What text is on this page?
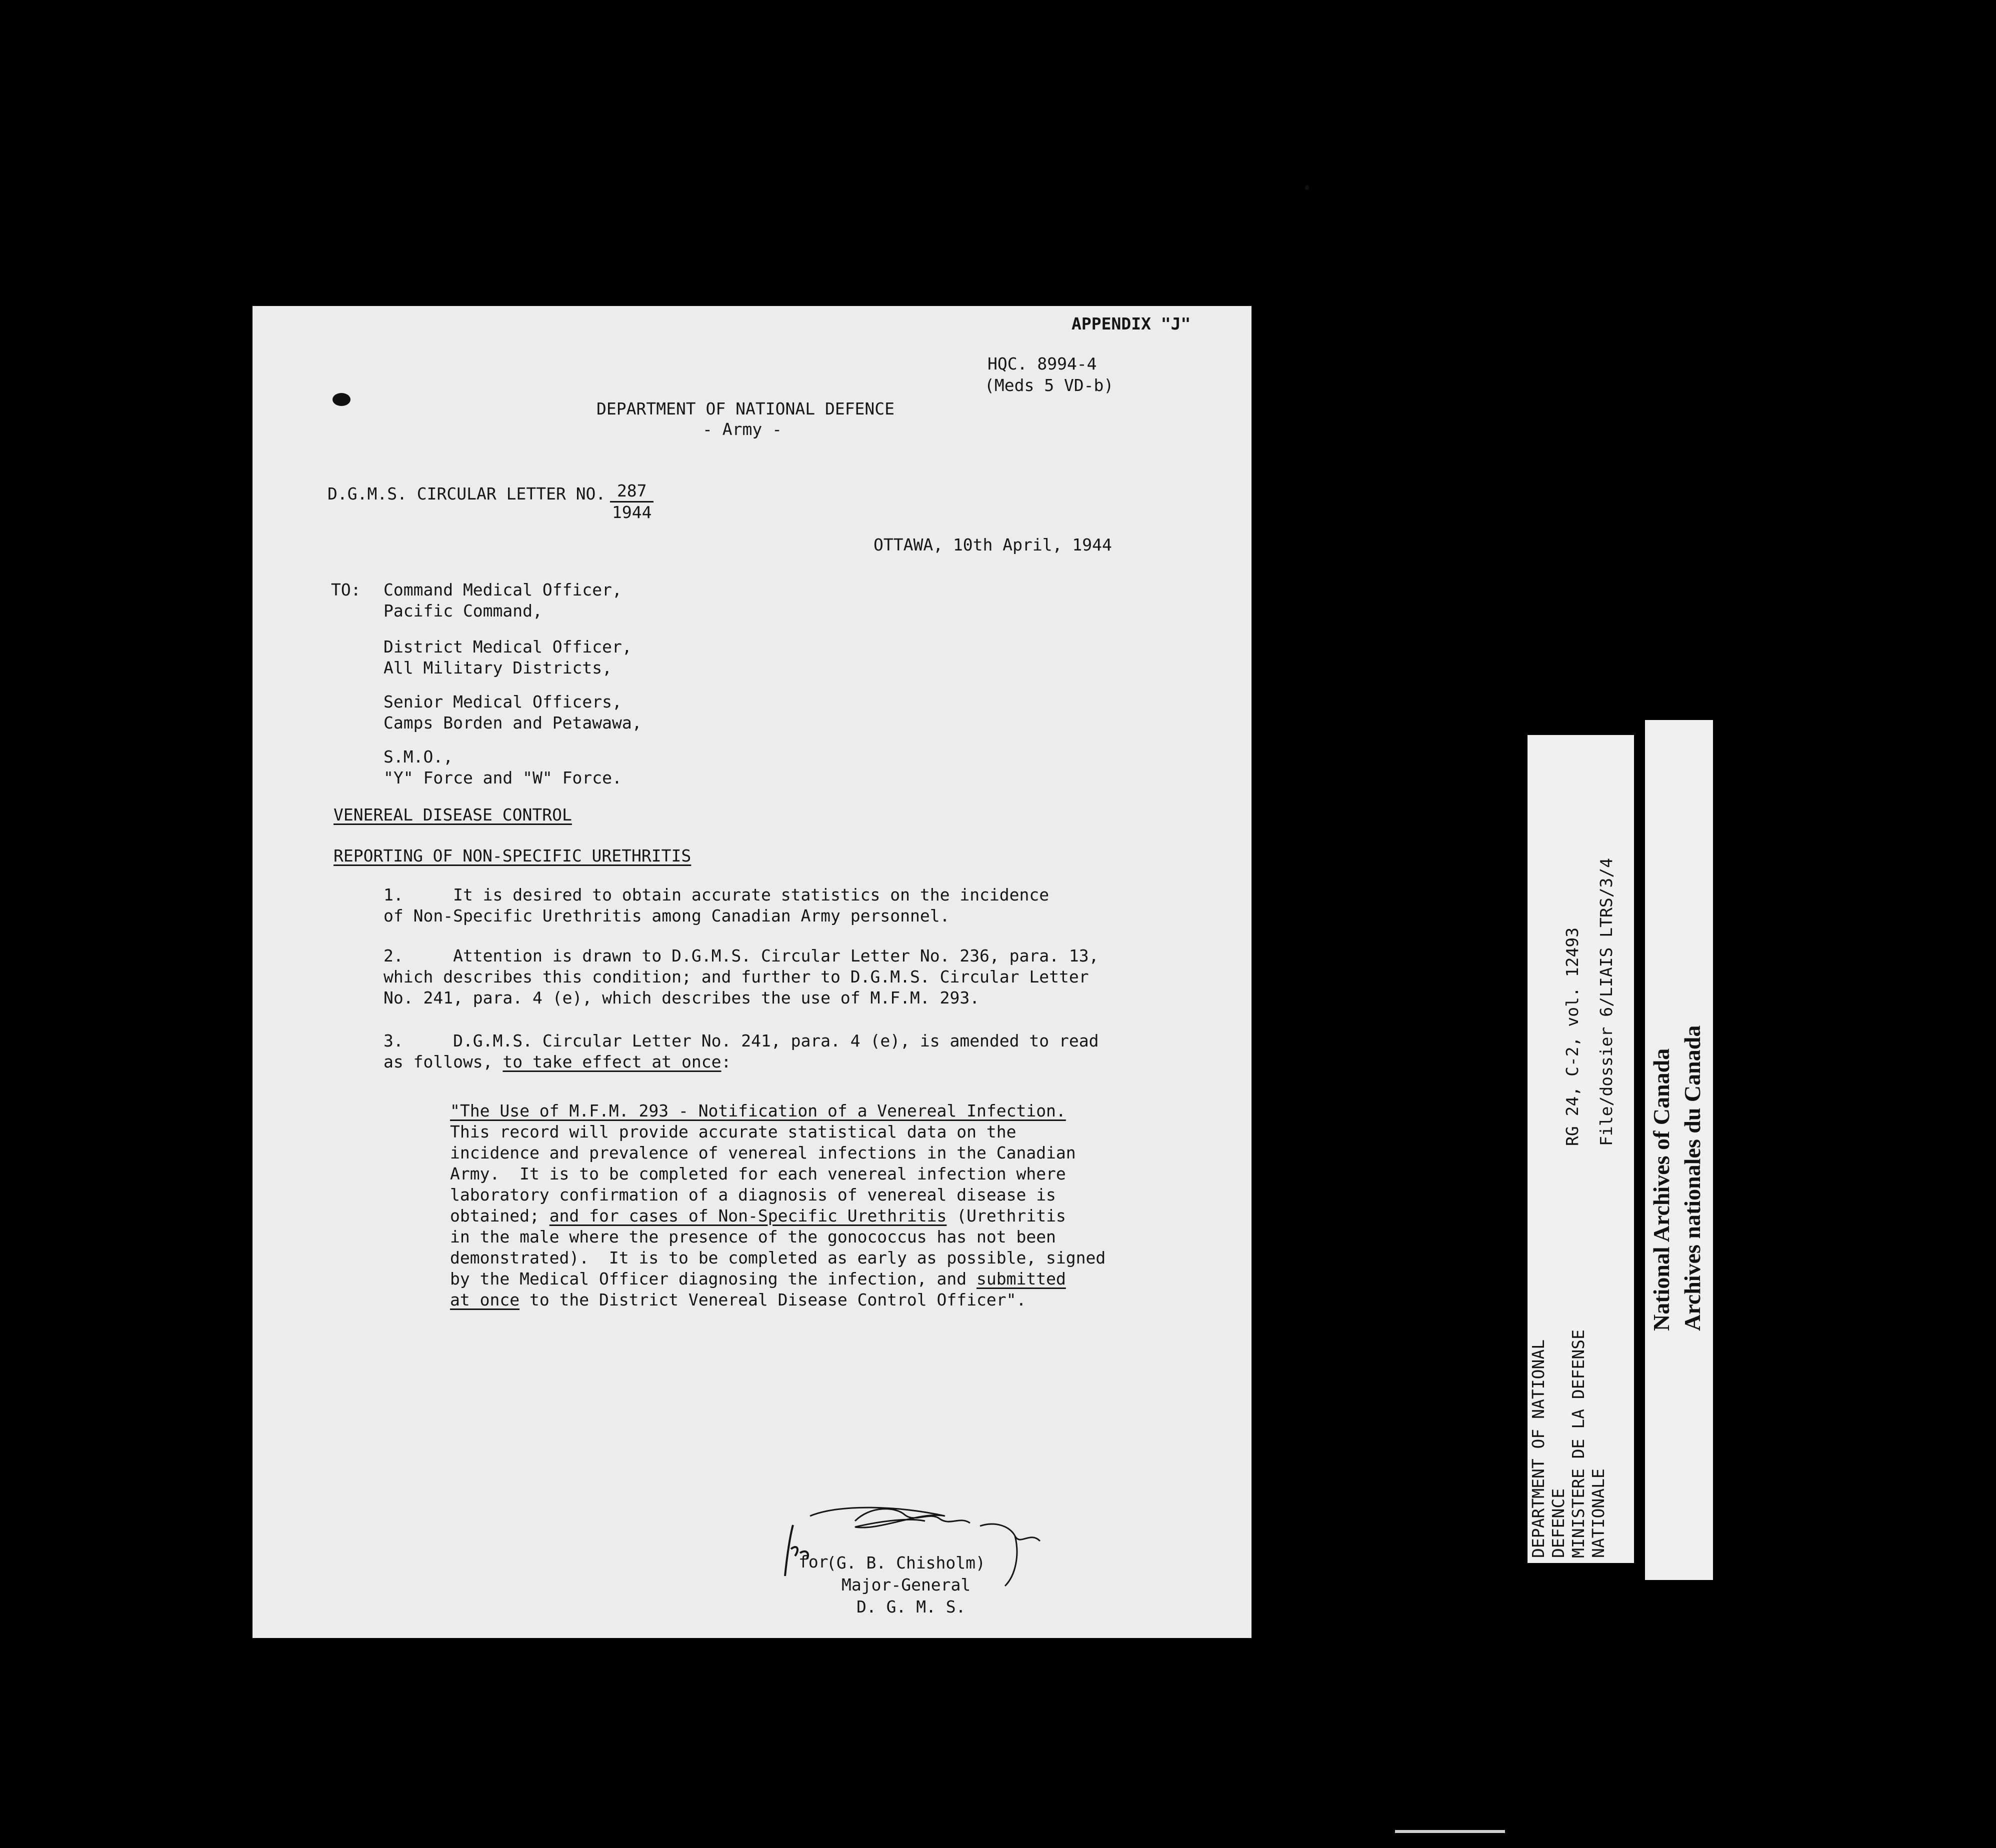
APPENDIX "J"
HQC. 8994-4
(Meds 5 VD-b)
DEPARTMENT OF NATIONAL DEFENCE
- Army -
D.G.M.S. CIRCULAR LETTER NO. $\frac{287}{1944}$
OTTAWA, 10th April, 1944
TO: Command Medical Officer,
Pacific Command,
District Medical Officer,
All Military Districts,
Senior Medical Officers,
Camps Borden and Petawawa,
S.M.O.,
"Y" Force and "W" Force.
VENEREAL DISEASE CONTROL
REPORTING OF NON-SPECIFIC URETHRITIS
1.     It is desired to obtain accurate statistics on the incidence
of Non-Specific Urethritis among Canadian Army personnel.
2.     Attention is drawn to D.G.M.S. Circular Letter No. 236, para. 13,
which describes this condition; and further to D.G.M.S. Circular Letter
No. 241, para. 4 (e), which describes the use of M.F.M. 293.
3.     D.G.M.S. Circular Letter No. 241, para. 4 (e), is amended to read
as follows, to take effect at once:
"The Use of M.F.M. 293 - Notification of a Venereal Infection.
This record will provide accurate statistical data on the
incidence and prevalence of venereal infections in the Canadian
Army.  It is to be completed for each venereal infection where
laboratory confirmation of a diagnosis of venereal disease is
obtained; and for cases of Non-Specific Urethritis (Urethritis
in the male where the presence of the gonococcus has not been
demonstrated).  It is to be completed as early as possible, signed
by the Medical Officer diagnosing the infection, and submitted
at once to the District Venereal Disease Control Officer".
for
(G. B. Chisholm)
Major-General
D. G. M. S.
RG 24, C-2, vol. 12493 File/dossier 6/LIAIS LTRS/3/4
DEPARTMENT OF NATIONAL DEFENCE MINISTERE DE LA DEFENSE NATIONALE
National Archives of Canada Archives nationales du Canada
